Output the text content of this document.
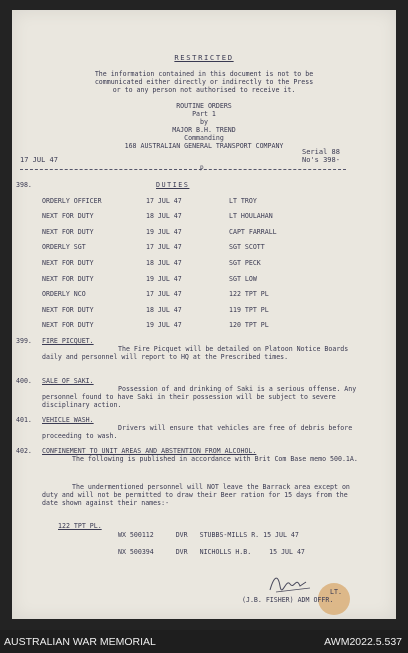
RESTRICTED
The information contained in this document is not to be
communicated either directly or indirectly to the Press
or to any person not authorised to receive it.
ROUTINE ORDERS
Part 1
by
MAJOR B.H. TREND
Commanding
168 AUSTRALIAN GENERAL TRANSPORT COMPANY
17 JUL 47
Serial 88
No's 398-
p
398.	DUTIES
ORDERLY OFFICER	17 JUL 47	LT TROY
NEXT FOR DUTY	18 JUL 47	LT HOULAHAN
NEXT FOR DUTY	19 JUL 47	CAPT FARRALL
ORDERLY SGT	17 JUL 47	SGT SCOTT
NEXT FOR DUTY	18 JUL 47	SGT PECK
NEXT FOR DUTY	19 JUL 47	SGT LOW
ORDERLY NCO	17 JUL 47	122 TPT PL
NEXT FOR DUTY	18 JUL 47	119 TPT PL
NEXT FOR DUTY	19 JUL 47	120 TPT PL
399. FIRE PICQUET.
The Fire Picquet will be detailed on Platoon Notice Boards daily and personnel will report to HQ at the Prescribed times.
400. SALE OF SAKI.
Possession of and drinking of Saki is a serious offense. Any personnel found to have Saki in their possession will be subject to severe disciplinary action.
401. VEHICLE WASH.
Drivers will ensure that vehicles are free of debris before proceeding to wash.
402. CONFINEMENT TO UNIT AREAS AND ABSTENTION FROM ALCOHOL.
The following is published in accordance with Brit Com Base memo 500.1A.
The undermentioned personnel will NOT leave the Barrack area except on duty and will not be permitted to draw their Beer ration for 15 days from the date shown against their names:-
122 TPT PL.
WX 500112	DVR STUBBS-MILLS R. 15 JUL 47
NX 500394	DVR NICHOLLS H.B.	15 JUL 47
LT.
(J.B. FISHER) ADM OFFR.
AUSTRALIAN WAR MEMORIAL	AWM2022.5.537
